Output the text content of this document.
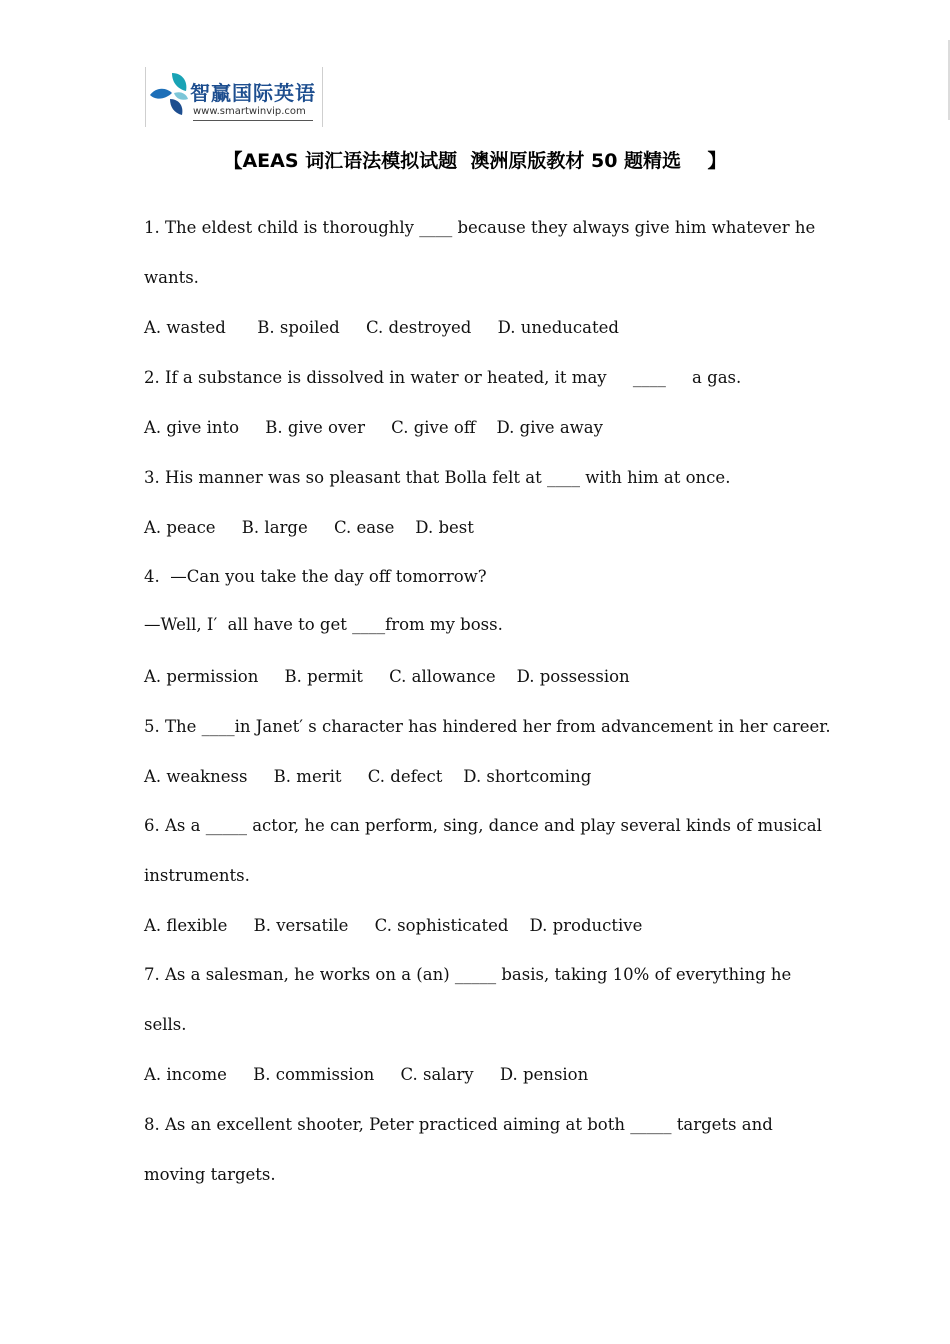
智赢国际英语
www.smartwinvip.com
【AEAS 词汇语法模拟试题  澳洲原版教材 50 题精选    】
1. The eldest child is thoroughly ____ because they always give him whatever he
wants.
A. wasted      B. spoiled     C. destroyed     D. uneducated
2. If a substance is dissolved in water or heated, it may     ____     a gas.
A. give into     B. give over     C. give off    D. give away
3. His manner was so pleasant that Bolla felt at ____ with him at once.
A. peace     B. large     C. ease    D. best
4.  —Can you take the day off tomorrow?
—Well, I′  all have to get ____from my boss.
A. permission     B. permit     C. allowance    D. possession
5. The ____in Janet′ s character has hindered her from advancement in her career.
A. weakness     B. merit     C. defect    D. shortcoming
6. As a _____ actor, he can perform, sing, dance and play several kinds of musical
instruments.
A. flexible     B. versatile     C. sophisticated    D. productive
7. As a salesman, he works on a (an) _____ basis, taking 10% of everything he
sells.
A. income     B. commission     C. salary     D. pension
8. As an excellent shooter, Peter practiced aiming at both _____ targets and
moving targets.
